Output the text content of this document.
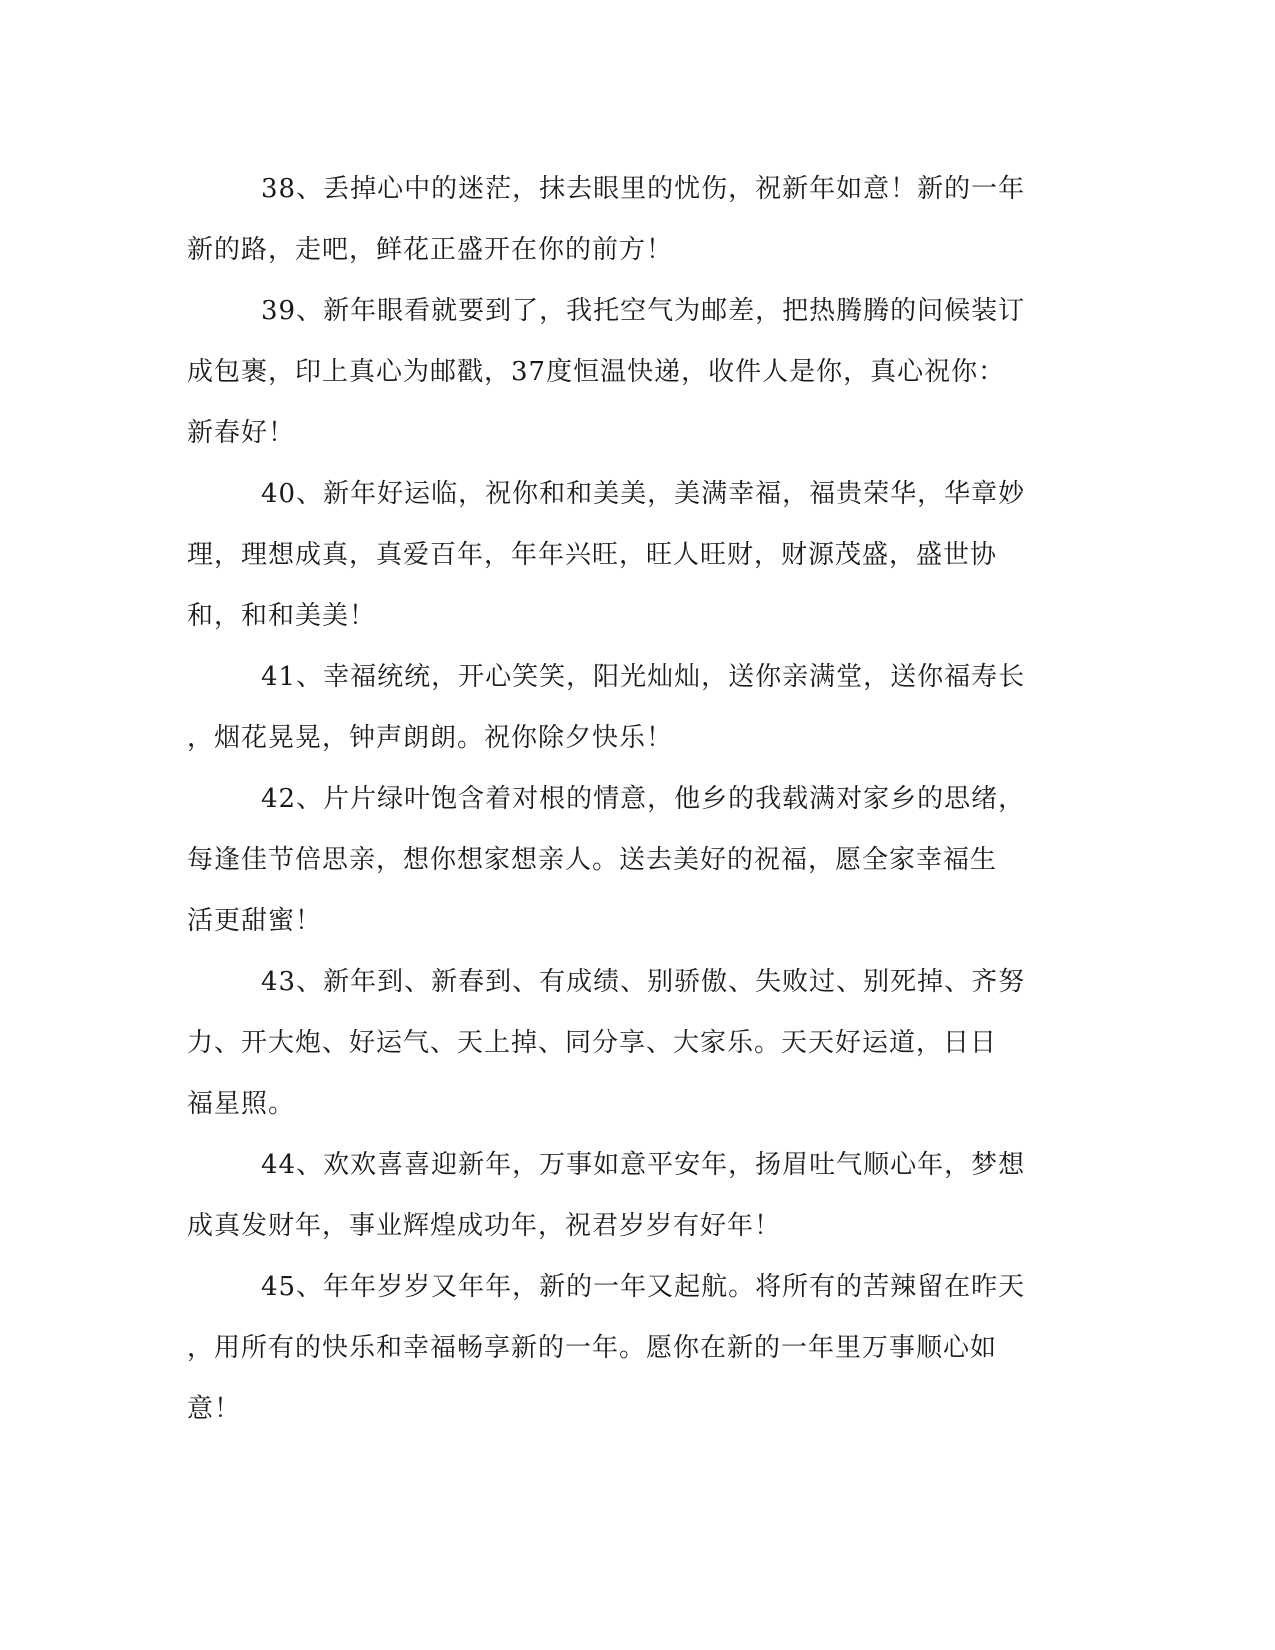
38、丢掉心中的迷茫，抹去眼里的忧伤，祝新年如意！新的一年
新的路，走吧，鲜花正盛开在你的前方！
39、新年眼看就要到了，我托空气为邮差，把热腾腾的问候装订
成包裹，印上真心为邮戳，37度恒温快递，收件人是你，真心祝你：
新春好！
40、新年好运临，祝你和和美美，美满幸福，福贵荣华，华章妙
理，理想成真，真爱百年，年年兴旺，旺人旺财，财源茂盛，盛世协
和，和和美美！
41、幸福统统，开心笑笑，阳光灿灿，送你亲满堂，送你福寿长
，烟花晃晃，钟声朗朗。祝你除夕快乐！
42、片片绿叶饱含着对根的情意，他乡的我载满对家乡的思绪，
每逢佳节倍思亲，想你想家想亲人。送去美好的祝福，愿全家幸福生
活更甜蜜！
43、新年到、新春到、有成绩、别骄傲、失败过、别死掉、齐努
力、开大炮、好运气、天上掉、同分享、大家乐。天天好运道，日日
福星照。
44、欢欢喜喜迎新年，万事如意平安年，扬眉吐气顺心年，梦想
成真发财年，事业辉煌成功年，祝君岁岁有好年！
45、年年岁岁又年年，新的一年又起航。将所有的苦辣留在昨天
，用所有的快乐和幸福畅享新的一年。愿你在新的一年里万事顺心如
意！
